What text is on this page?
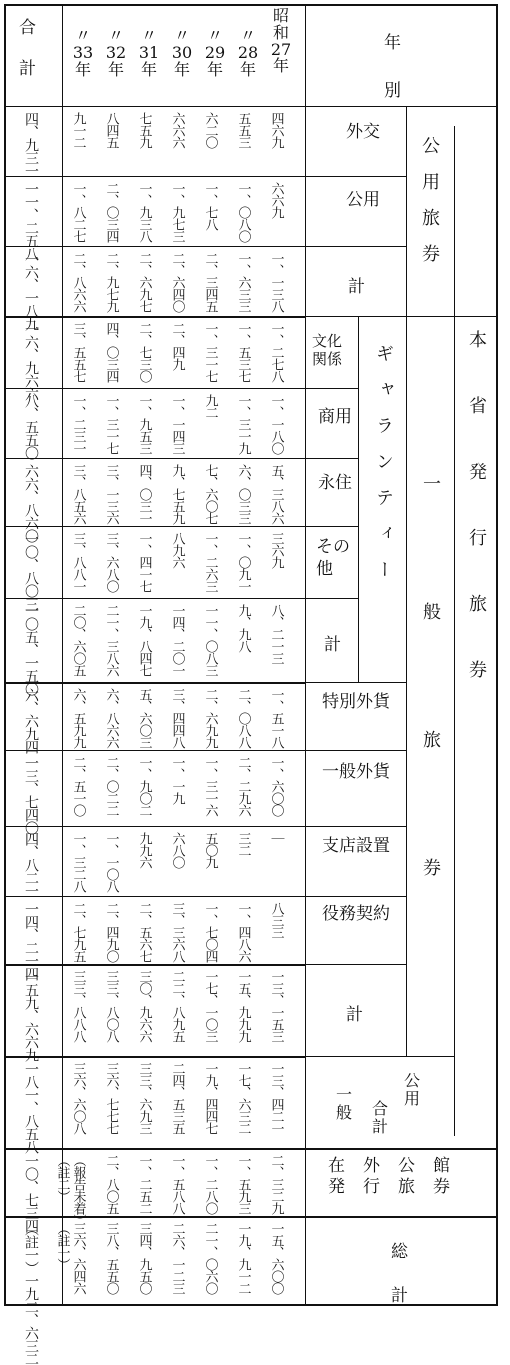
合計	〃
33
年
〃
32
年
〃
31
年
〃
30
年
〃
29
年
〃
28
年
昭
和
27
年
年
別
外交
公用
計
公用旅券
本省発行旅券
文化関係
商用
永住
その他
計
ギャランティー
一般旅券
特別外貨
一般外貨
支店設置
役務契約
計
公用
一般 合計
在外公館発行旅券
総計
四、九三一 九一二 八四五 七五九 六六六 六二〇 五五三 四六九
一一、二五八 一、八二七 二、〇三四 一、九三八 一、九七三 一、七八 一、〇八〇 六六九
一六、一八九 二、八六六 二、九七九 二、六九七 二、六四〇 二、三四五 一、六三三 一、一三八
一六、九六六 三、五五七 四、〇三四 二、七三〇 二、四九 一、三一七 一、五三七 一、二七八
八、五五〇 一、二三一 一、三一七 一、九五三 一、一四三 九二 一、三一九 一、一八〇
六六、八六〇 三、八五六 三、一三六 四、〇三一 九、七五九 七、六〇七 六、〇三三 五、三八六
一〇、八〇三 三、八八一 三、六八〇 一、四一七 八九六 一、二六三 一、〇九一 三六九
一〇五、一五〇 二〇、六〇五 二一、三八六 一九、八四七 一四、二〇一 一一、〇八三 九、九八 八、二一三
六、六九四 六、五九九 六、八六六 五、六〇三 三、四四八 二、六九九 二、〇八八 一、五一八
一三、七四〇 二、五一〇 二、〇二二 一、九〇二 一、一九 一、三一六 二、二九六 一、六〇〇
四、八二一 一、三二八 一、一〇八 九九六 六八〇 五〇九 三二 ｜
一四、二一四 二、七九五 二、四九〇 二、五六七 三、三六八 一、七〇四 一、四八六 八三三
一五九、六六九 三三、八八八 三三、八〇八 三〇、九六六 二二、八九五 一七、一〇三 一五、九九九 一三、一五三
一八一、八五八 三六、六〇八 三六、七七七 三三、六九三 二四、五三五 一九、四四七 一七、六三二 一三、四二一
一〇、七三四 （註二） （報告未着） 二、八〇五 一、二五二 一、五八八 一、二八〇 一、五九三 二、三二九
（註一）一九二、六三二 （註一） 三六、六四六 三八、五五〇 三四、九五〇 二六、一二三 二一、〇六〇 一九、九一二 一五、六〇〇
